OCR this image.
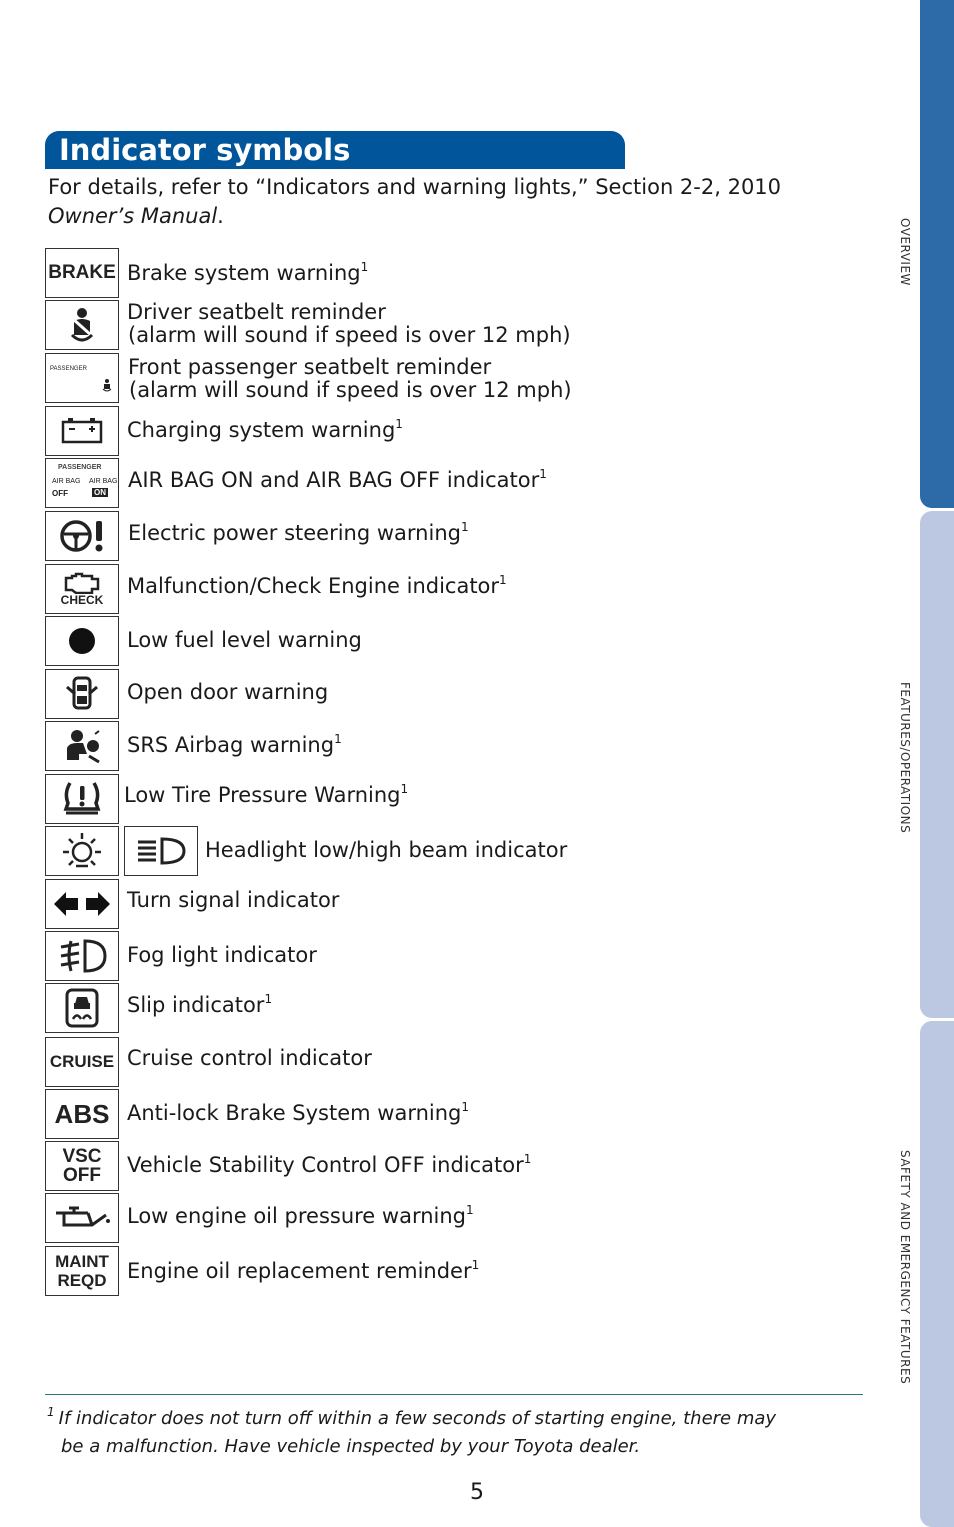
OVERVIEW
FEATURES/OPERATIONS
SAFETY AND EMERGENCY FEATURES
Indicator symbols
For details, refer to “Indicators and warning lights,” Section 2-2, 2010
Owner’s Manual.
BRAKE Brake system warning$^1$
Driver seatbelt reminder
(alarm will sound if speed is over 12 mph)
PASSENGER Front passenger seatbelt reminder
(alarm will sound if speed is over 12 mph)
Charging system warning$^1$
PASSENGER
AIR BAG AIR BAG
OFF	ON
AIR BAG ON and AIR BAG OFF indicator$^1$
Electric power steering warning$^1$
CHECK
Malfunction/Check Engine indicator$^1$
Low fuel level warning
Open door warning
SRS Airbag warning$^1$
Low Tire Pressure Warning$^1$
Headlight low/high beam indicator
Turn signal indicator
Fog light indicator
Slip indicator$^1$
CRUISE Cruise control indicator
ABS Anti-lock Brake System warning$^1$
VSC
OFF Vehicle Stability Control OFF indicator$^1$
Low engine oil pressure warning$^1$
MAINT
REQD Engine oil replacement reminder$^1$
$^1$ If indicator does not turn off within a few seconds of starting engine, there may
be a malfunction. Have vehicle inspected by your Toyota dealer.
5
